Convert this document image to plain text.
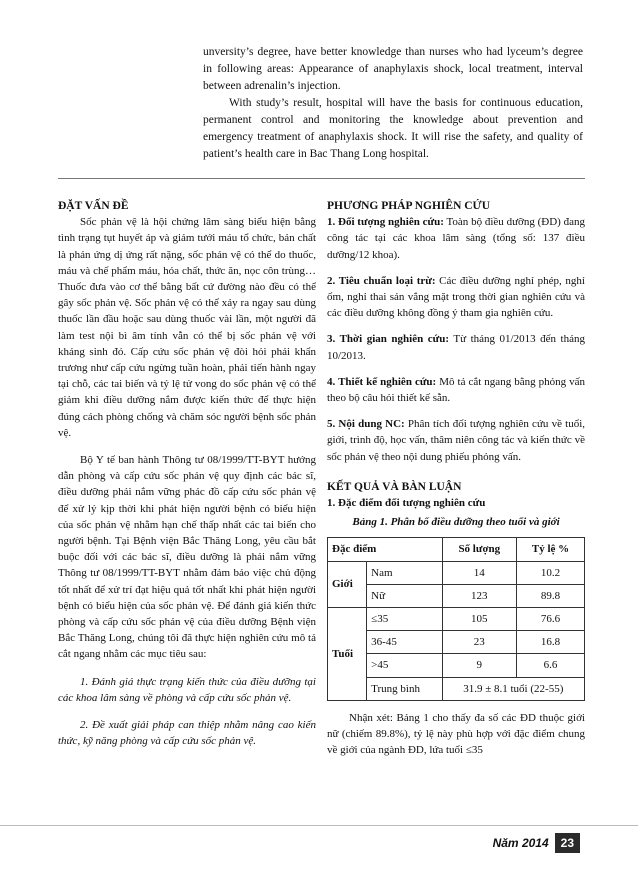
unversity’s degree, have better knowledge than nurses who had lyceum’s degree in following areas: Appearance of anaphylaxis shock, local treatment, interval between adrenalin’s injection.

With study’s result, hospital will have the basis for continuous education, permanent control and monitoring the knowledge about prevention and emergency treatment of anaphylaxis shock. It will rise the safety, and quality of patient’s health care in Bac Thang Long hospital.

ĐẶT VẤN ĐỀ

Sốc phản vệ là hội chứng lâm sàng biểu hiện bằng tình trạng tụt huyết áp và giảm tưới máu tổ chức, bản chất là phản ứng dị ứng rất nặng, sốc phản vệ có thể do thuốc, máu và chế phẩm máu, hóa chất, thức ăn, nọc côn trùng… Thuốc đưa vào cơ thể bằng bất cứ đường nào đều có thể gây sốc phản vệ. Sốc phản vệ có thể xảy ra ngay sau dùng thuốc lần đầu hoặc sau dùng thuốc vài lần, một người đã làm test nội bì âm tính vẫn có thể bị sốc phản vệ với kháng sinh đó. Cấp cứu sốc phản vệ đòi hỏi phải khẩn trương như cấp cứu ngừng tuần hoàn, phải tiến hành ngay tại chỗ, các tai biến và tỷ lệ tử vong do sốc phản vệ có thể giảm khi điều dưỡng nắm được kiến thức để thực hiện đúng cách phòng chống và chăm sóc người bệnh sốc phản vệ.

Bộ Y tế ban hành Thông tư 08/1999/TT-BYT hướng dẫn phòng và cấp cứu sốc phản vệ quy định các bác sĩ, điều dưỡng phải nắm vững phác đồ cấp cứu sốc phản vệ để xử lý kịp thời khi phát hiện người bệnh có biểu hiện của sốc phản vệ nhằm hạn chế thấp nhất các tai biến cho người bệnh. Tại Bệnh viện Bắc Thăng Long, yêu cầu bắt buộc đối với các bác sĩ, điều dưỡng là phải nắm vững Thông tư 08/1999/TT-BYT nhằm đảm bảo việc chủ động tốt nhất để xử trí đạt hiệu quả tốt nhất khi phát hiện người bệnh có biểu hiện của sốc phản vệ. Để đánh giá kiến thức phòng và cấp cứu sốc phản vệ của điều dưỡng Bệnh viện Bắc Thăng Long, chúng tôi đã thực hiện nghiên cứu mô tả cắt ngang nhằm các mục tiêu sau:

1. Đánh giá thực trạng kiến thức của điều dưỡng tại các khoa lâm sàng về phòng và cấp cứu sốc phản vệ.

2. Đề xuất giải pháp can thiệp nhằm nâng cao kiến thức, kỹ năng phòng và cấp cứu sốc phản vệ.

PHƯƠNG PHÁP NGHIÊN CỨU

1. Đối tượng nghiên cứu: Toàn bộ điều dưỡng (ĐD) đang công tác tại các khoa lâm sàng (tổng số: 137 điều dưỡng/12 khoa).

2. Tiêu chuẩn loại trừ: Các điều dưỡng nghỉ phép, nghỉ ốm, nghỉ thai sản vắng mặt trong thời gian nghiên cứu và các điều dưỡng không đồng ý tham gia nghiên cứu.

3. Thời gian nghiên cứu: Từ tháng 01/2013 đến tháng 10/2013.

4. Thiết kế nghiên cứu: Mô tả cắt ngang bằng phỏng vấn theo bộ câu hỏi thiết kế sẵn.

5. Nội dung NC: Phân tích đối tượng nghiên cứu về tuổi, giới, trình độ, học vấn, thâm niên công tác và kiến thức về sốc phản vệ theo nội dung phiếu phỏng vấn.

KẾT QUẢ VÀ BÀN LUẬN

1. Đặc điểm đối tượng nghiên cứu

Bảng 1. Phân bố điều dưỡng theo tuổi và giới

Đặc điểm		Số lượng	Tỷ lệ %
Giới	Nam	14	10.2
	Nữ	123	89.8
Tuổi	≤35	105	76.6
	36-45	23	16.8
	>45	9	6.6
	Trung bình	31.9 ± 8.1 tuổi (22-55)	

Nhận xét: Bảng 1 cho thấy đa số các ĐD thuộc giới nữ (chiếm 89.8%), tỷ lệ này phù hợp với đặc điểm chung về giới của ngành ĐD, lứa tuổi ≤35

Năm 2014	23
